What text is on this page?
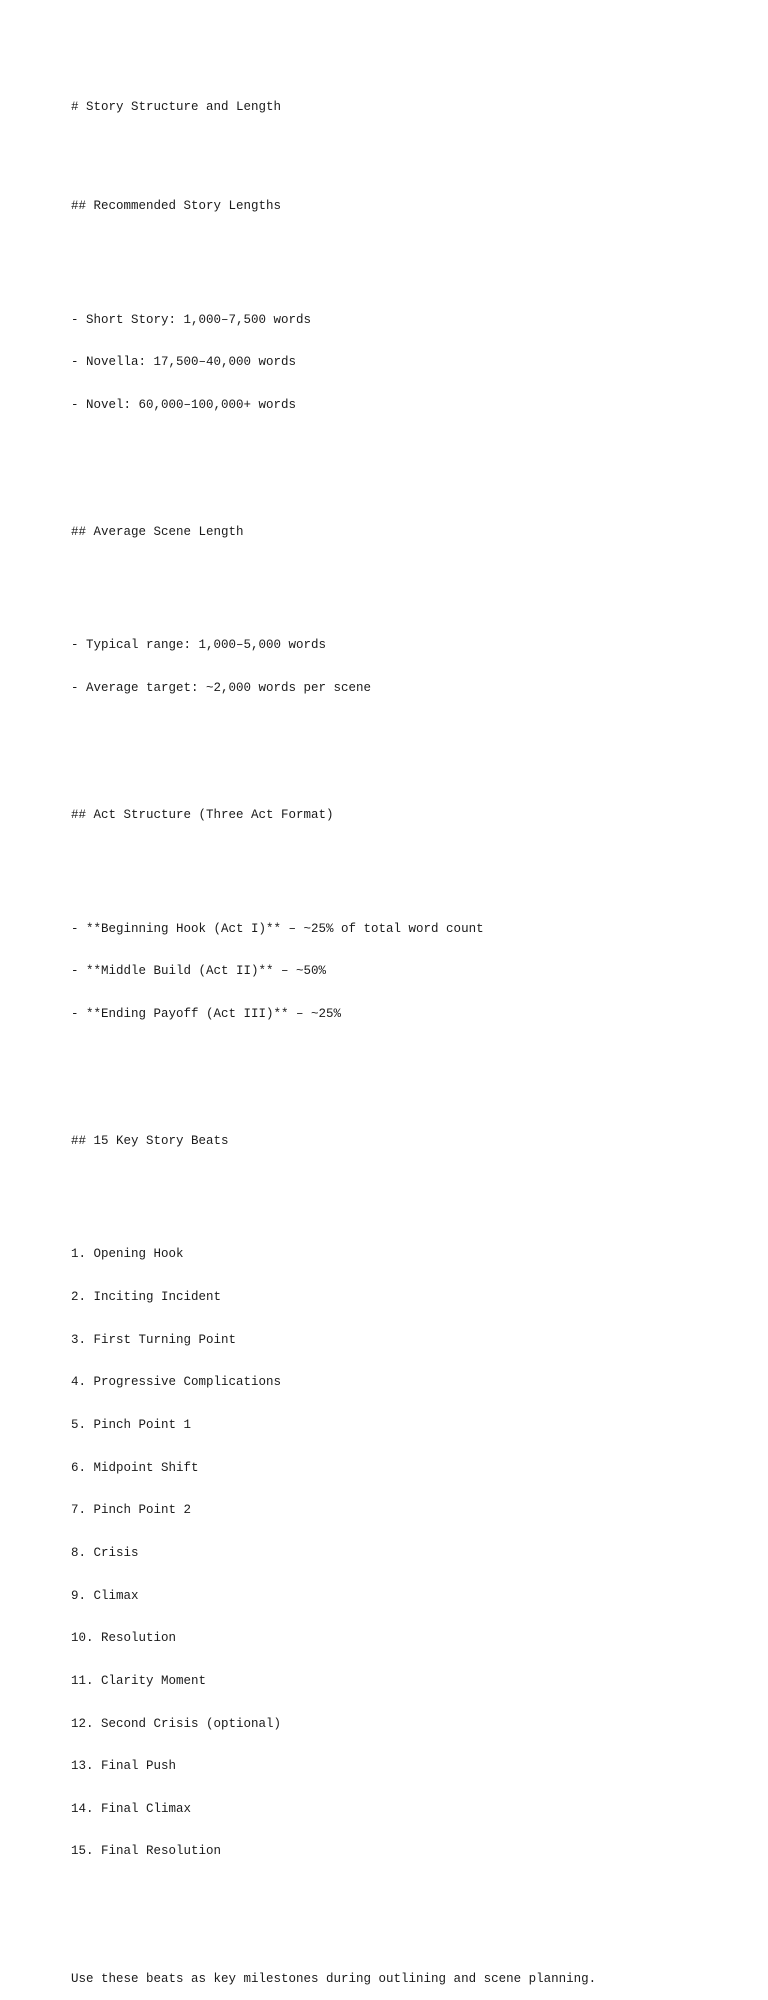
# Story Structure and Length

## Recommended Story Lengths

- Short Story: 1,000–7,500 words

- Novella: 17,500–40,000 words

- Novel: 60,000–100,000+ words

## Average Scene Length

- Typical range: 1,000–5,000 words

- Average target: ~2,000 words per scene

## Act Structure (Three Act Format)

- **Beginning Hook (Act I)** – ~25% of total word count

- **Middle Build (Act II)** – ~50%

- **Ending Payoff (Act III)** – ~25%

## 15 Key Story Beats

1. Opening Hook

2. Inciting Incident

3. First Turning Point

4. Progressive Complications

5. Pinch Point 1

6. Midpoint Shift

7. Pinch Point 2

8. Crisis

9. Climax

10. Resolution

11. Clarity Moment

12. Second Crisis (optional)

13. Final Push

14. Final Climax

15. Final Resolution

Use these beats as key milestones during outlining and scene planning.
